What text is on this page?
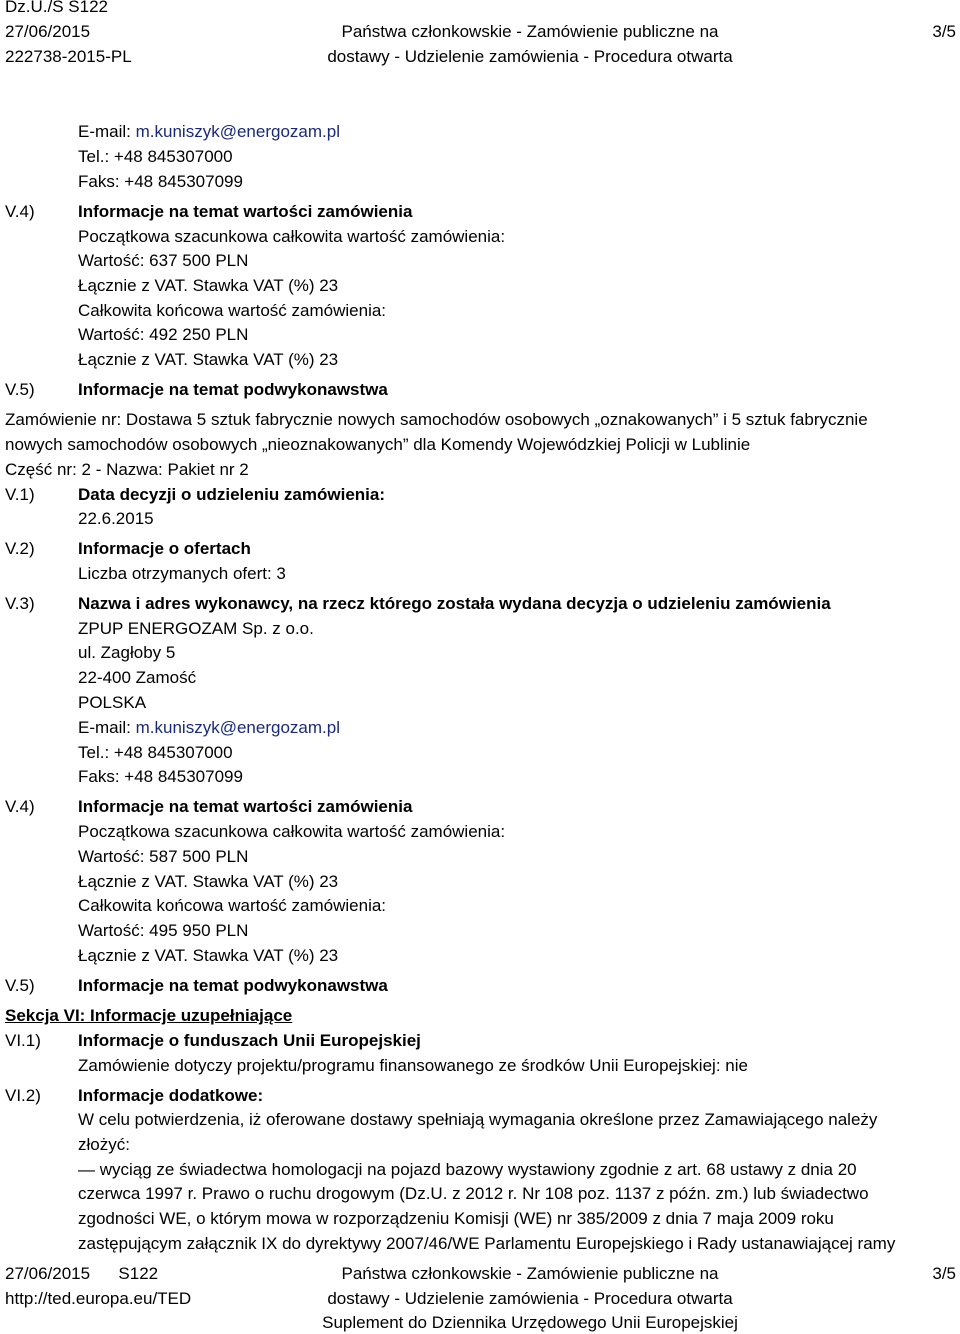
Dz.U./S S122
27/06/2015
222738-2015-PL
Państwa członkowskie - Zamówienie publiczne na
dostawy - Udzielenie zamówienia - Procedura otwarta
3/5
E-mail: m.kuniszyk@energozam.pl
Tel.: +48 845307000
Faks: +48 845307099
V.4)	Informacje na temat wartości zamówienia
Początkowa szacunkowa całkowita wartość zamówienia:
Wartość: 637 500 PLN
Łącznie z VAT. Stawka VAT (%) 23
Całkowita końcowa wartość zamówienia:
Wartość: 492 250 PLN
Łącznie z VAT. Stawka VAT (%) 23
V.5)	Informacje na temat podwykonawstwa
Zamówienie nr: Dostawa 5 sztuk fabrycznie nowych samochodów osobowych „oznakowanych” i 5 sztuk fabrycznie
nowych samochodów osobowych „nieoznakowanych” dla Komendy Wojewódzkiej Policji w Lublinie
Część nr: 2 - Nazwa: Pakiet nr 2
V.1)	Data decyzji o udzieleniu zamówienia:
22.6.2015
V.2)	Informacje o ofertach
Liczba otrzymanych ofert: 3
V.3)	Nazwa i adres wykonawcy, na rzecz którego została wydana decyzja o udzieleniu zamówienia
ZPUP ENERGOZAM Sp. z o.o.
ul. Zagłoby 5
22-400 Zamość
POLSKA
E-mail: m.kuniszyk@energozam.pl
Tel.: +48 845307000
Faks: +48 845307099
V.4)	Informacje na temat wartości zamówienia
Początkowa szacunkowa całkowita wartość zamówienia:
Wartość: 587 500 PLN
Łącznie z VAT. Stawka VAT (%) 23
Całkowita końcowa wartość zamówienia:
Wartość: 495 950 PLN
Łącznie z VAT. Stawka VAT (%) 23
V.5)	Informacje na temat podwykonawstwa
Sekcja VI: Informacje uzupełniające
VI.1) Informacje o funduszach Unii Europejskiej
Zamówienie dotyczy projektu/programu finansowanego ze środków Unii Europejskiej: nie
VI.2) Informacje dodatkowe:
W celu potwierdzenia, iż oferowane dostawy spełniają wymagania określone przez Zamawiającego należy
złożyć:
— wyciąg ze świadectwa homologacji na pojazd bazowy wystawiony zgodnie z art. 68 ustawy z dnia 20
czerwca 1997 r. Prawo o ruchu drogowym (Dz.U. z 2012 r. Nr 108 poz. 1137 z późn. zm.) lub świadectwo
zgodności WE, o którym mowa w rozporządzeniu Komisji (WE) nr 385/2009 z dnia 7 maja 2009 roku
zastępującym załącznik IX do dyrektywy 2007/46/WE Parlamentu Europejskiego i Rady ustanawiającej ramy
27/06/2015      S122
http://ted.europa.eu/TED
Państwa członkowskie - Zamówienie publiczne na
dostawy - Udzielenie zamówienia - Procedura otwarta
Suplement do Dziennika Urzędowego Unii Europejskiej
3/5
